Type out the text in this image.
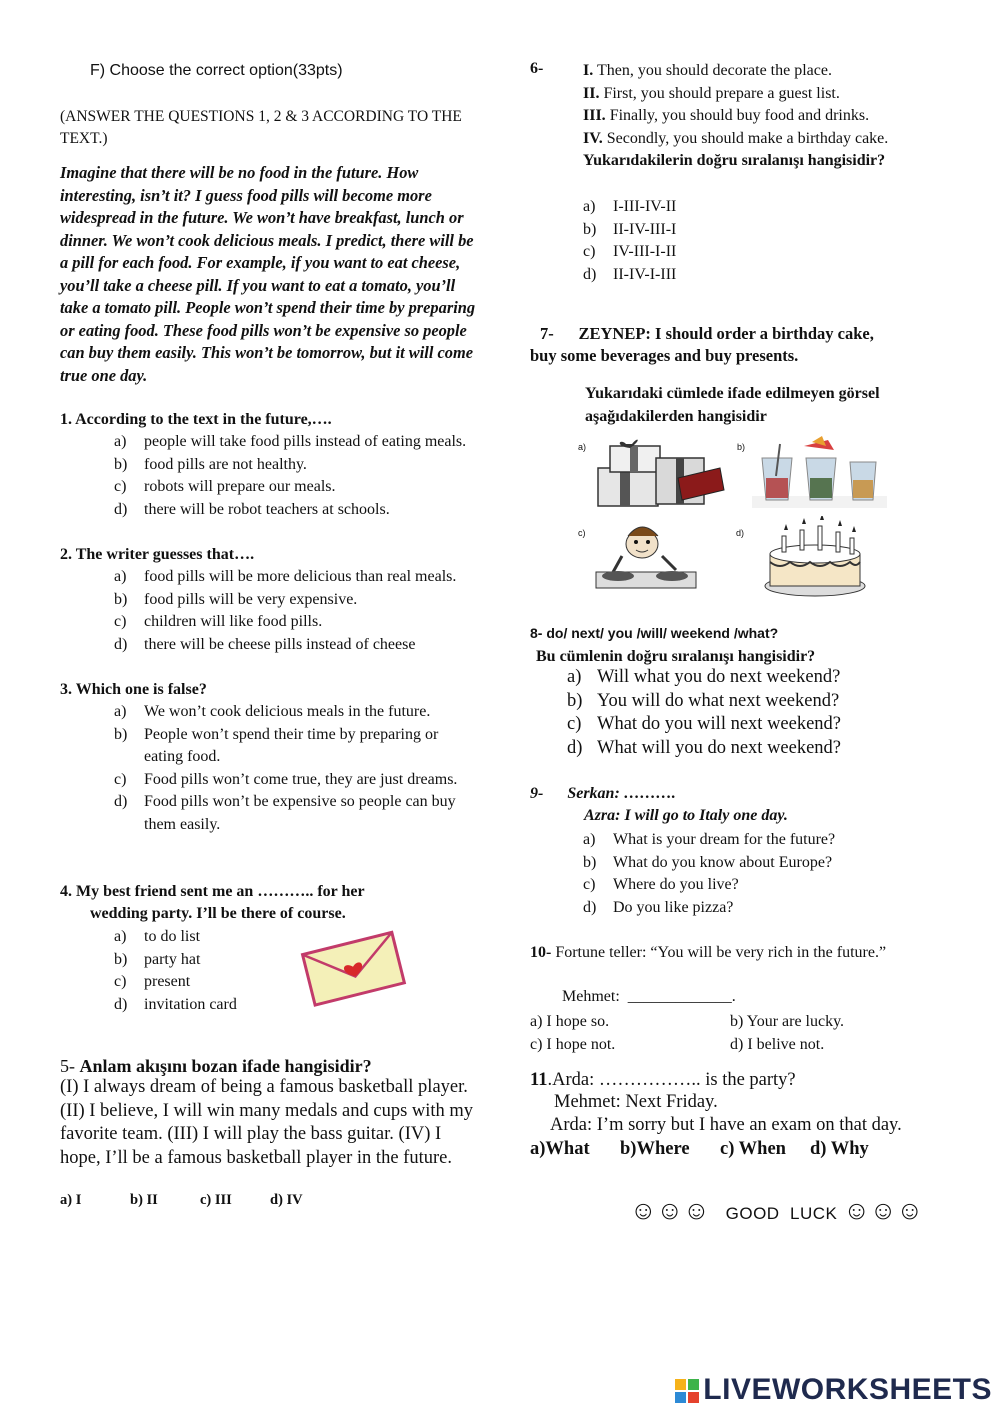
F) Choose the correct option(33pts)
(ANSWER THE QUESTIONS 1, 2 & 3 ACCORDING TO THE TEXT.)
Imagine that there will be no food in the future. How interesting, isn’t it? I guess food pills will become more widespread in the future. We won’t have breakfast, lunch or dinner. We won’t cook delicious meals. I predict, there will be a pill for each food. For example, if you want to eat cheese, you’ll take a cheese pill. If you want to eat a tomato, you’ll take a tomato pill. People won’t spend their time by preparing or eating food. These food pills won’t be expensive so people can buy them easily. This won’t be tomorrow, but it will come true one day.
1. According to the text in the future,….
a)	people will take food pills instead of eating meals.
b)	food pills are not healthy.
c)	robots will prepare our meals.
d)	there will be robot teachers at schools.
2. The writer guesses that….
a)	food pills will be more delicious than real meals.
b)	food pills will be very expensive.
c)	children will like food pills.
d)	there will be cheese pills instead of cheese
3. Which one is false?
a)	We won’t cook delicious meals in the future.
b)	People won’t spend their time by preparing or eating food.
c)	Food pills won’t come true, they are just dreams.
d)	Food pills won’t be expensive so people can buy them easily.
4. My best friend sent me an ……….. for her
wedding party. I’ll be there of course.
a)	to do list
b)	party hat
c)	present
d)	invitation card
5- Anlam akışını bozan ifade hangisidir?
(I) I always dream of being a famous basketball player. (II) I believe, I will win many medals and cups with my favorite team. (III) I will play the bass guitar. (IV) I hope, I’ll be a famous basketball player in the future.
a) I	b) II	c) III	d) IV
6- I. Then, you should decorate the place.
II. First, you should prepare a guest list.
III. Finally, you should buy food and drinks.
IV. Secondly, you should make a birthday cake.
Yukarıdakilerin doğru sıralanışı hangisidir?
a)	I-III-IV-II
b)	II-IV-III-I
c)	IV-III-I-II
d)	II-IV-I-III
7-      ZEYNEP: I should order a birthday cake,
buy some beverages and buy presents.
Yukarıdaki cümlede ifade edilmeyen görsel aşağıdakilerden hangisidir
a)	b)
c)	d)
8- do/ next/ you /will/ weekend /what?
Bu cümlenin doğru sıralanışı hangisidir?
a) Will what you do next weekend?
b) You will do what next weekend?
c) What do you will next weekend?
d) What will you do next weekend?
9-      Serkan: ……….
Azra: I will go to Italy one day.
a)	What is your dream for the future?
b)	What do you know about Europe?
c)	Where do you live?
d)	Do you like pizza?
10- Fortune teller: “You will be very rich in the future.”
Mehmet:  _____________.
a) I hope so.	b) Your are lucky.
c) I hope not.	d) I belive not.
11.Arda: …………….. is the party?
Mehmet: Next Friday.
Arda: I’m sorry but I have an exam on that day.
a)What	b)Where	c) When	d) Why
☺☺☺ GOOD  LUCK ☺☺☺
LIVEWORKSHEETS
